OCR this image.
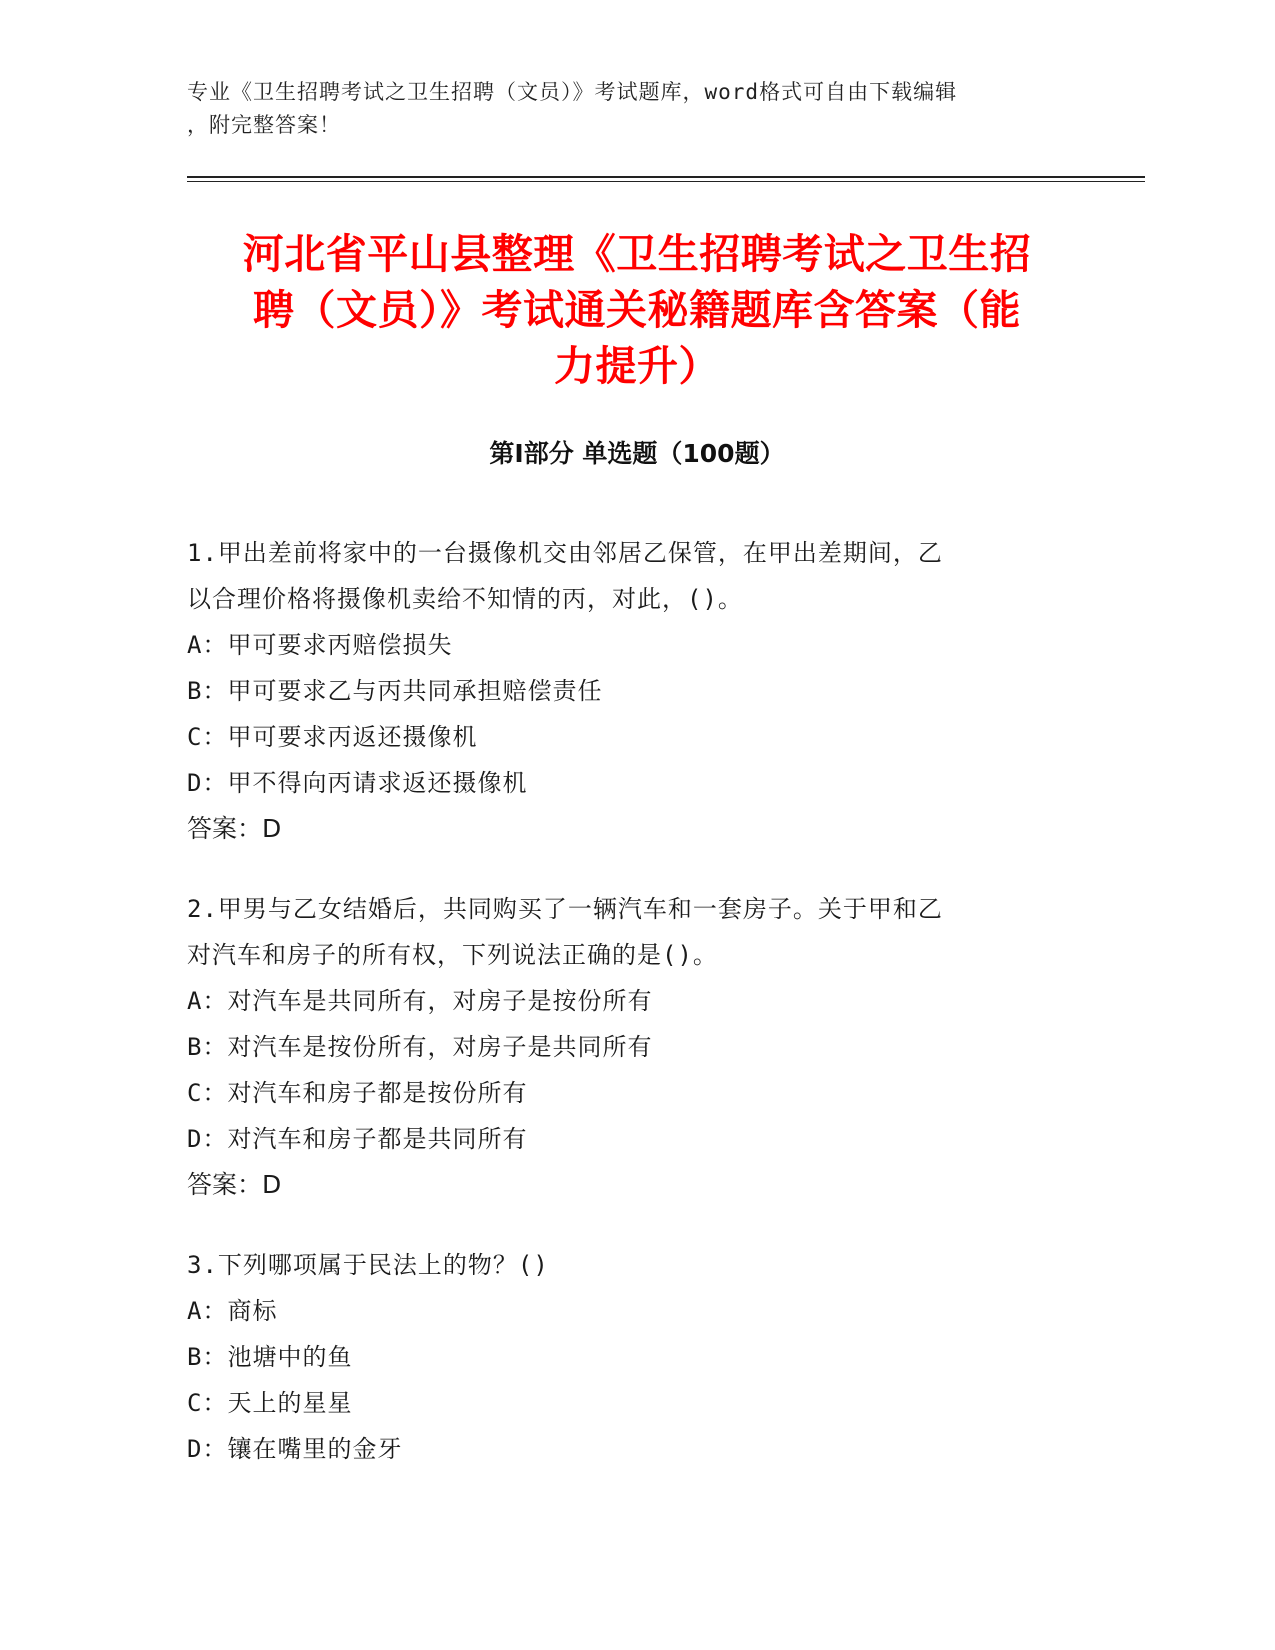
专业《卫生招聘考试之卫生招聘（文员）》考试题库，word格式可自由下载编辑
，附完整答案！
河北省平山县整理《卫生招聘考试之卫生招
聘（文员）》考试通关秘籍题库含答案（能
力提升）
第Ⅰ部分 单选题（100题）
1.甲出差前将家中的一台摄像机交由邻居乙保管，在甲出差期间，乙
以合理价格将摄像机卖给不知情的丙，对此，()。
A：甲可要求丙赔偿损失
B：甲可要求乙与丙共同承担赔偿责任
C：甲可要求丙返还摄像机
D：甲不得向丙请求返还摄像机
答案：D
2.甲男与乙女结婚后，共同购买了一辆汽车和一套房子。关于甲和乙
对汽车和房子的所有权，下列说法正确的是()。
A：对汽车是共同所有，对房子是按份所有
B：对汽车是按份所有，对房子是共同所有
C：对汽车和房子都是按份所有
D：对汽车和房子都是共同所有
答案：D
3.下列哪项属于民法上的物？()
A：商标
B：池塘中的鱼
C：天上的星星
D：镶在嘴里的金牙
